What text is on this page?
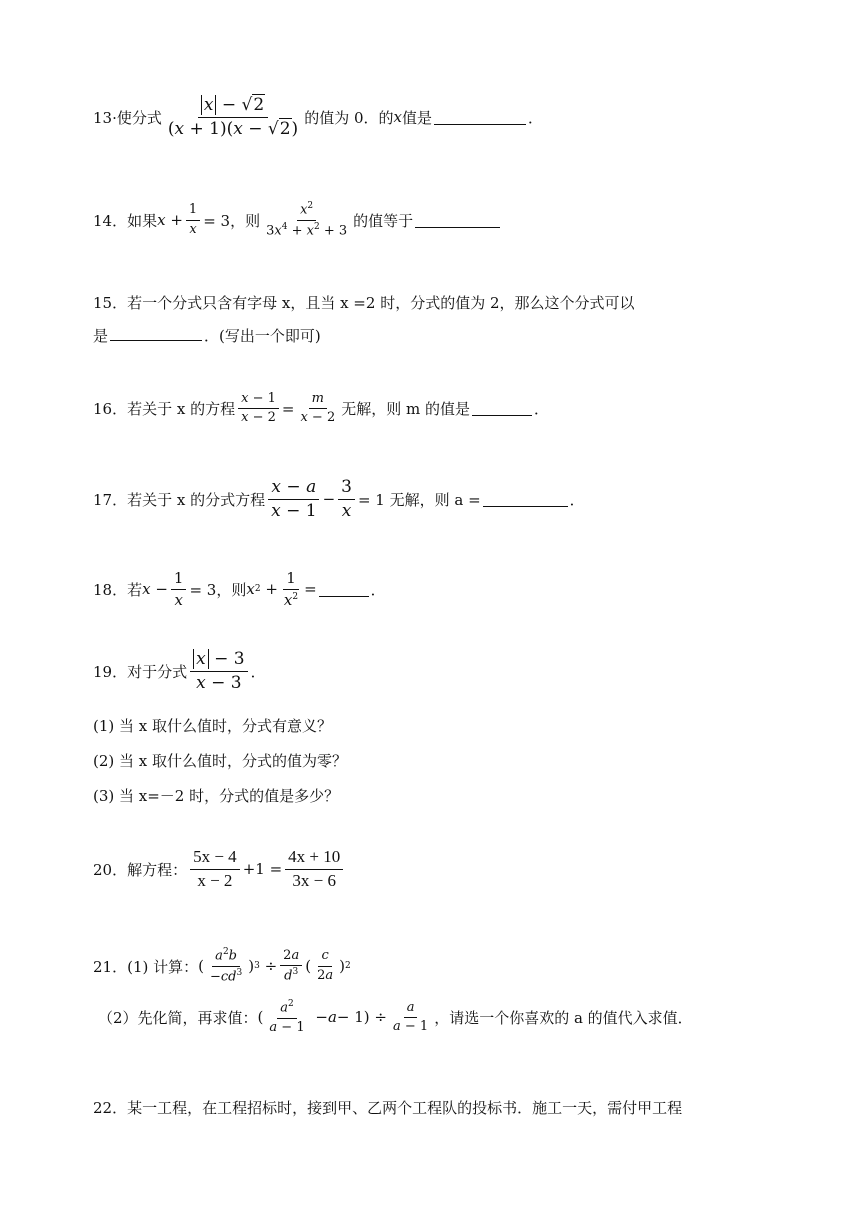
13·使分式 $\frac{x - √2}{(x + 1)(x - √2)}$ 的值为 0．的 x 值是	．
14．如果 $x + \frac{1}{x} = 3$，则 $\frac{x^2}{3x^4 + x^2 + 3}$ 的值等于
15．若一个分式只含有字母 x，且当 x =2 时，分式的值为 2，那么这个分式可以
是	．(写出一个即可)
16．若关于 x 的方程 $\frac{x - 1}{x - 2} = \frac{m}{x - 2}$ 无解，则 m 的值是	．
17．若关于 x 的分式方程 $\frac{x - a}{x - 1} - \frac{3}{x} = 1$ 无解，则 a =	．
18．若 $x - \frac{1}{x} = 3$，则 x $2 + \frac{1}{x^2}$ =	．
19．对于分式 $\frac{x - 3}{x - 3}$ ．
(1) 当 x 取什么值时，分式有意义？
(2) 当 x 取什么值时，分式的值为零？
(3) 当 x=－2 时，分式的值是多少？
20．解方程： $\frac{5x - 4}{x - 2} +1 = \frac{4x + 10}{3x - 6}$
21．(1) 计算： ( $\frac{a^2b}{-cd^3}$ ) $3 \div \frac{2a}{d^3}$ ( $\frac{c}{2a}$ ) 2
（2）先化简，再求值： ( $\frac{a^2}{a - 1} - a - 1) \div \frac{a}{a - 1}$ ，请选一个你喜欢的 a 的值代入求值．
22．某一工程，在工程招标时，接到甲、乙两个工程队的投标书．施工一天，需付甲工程
